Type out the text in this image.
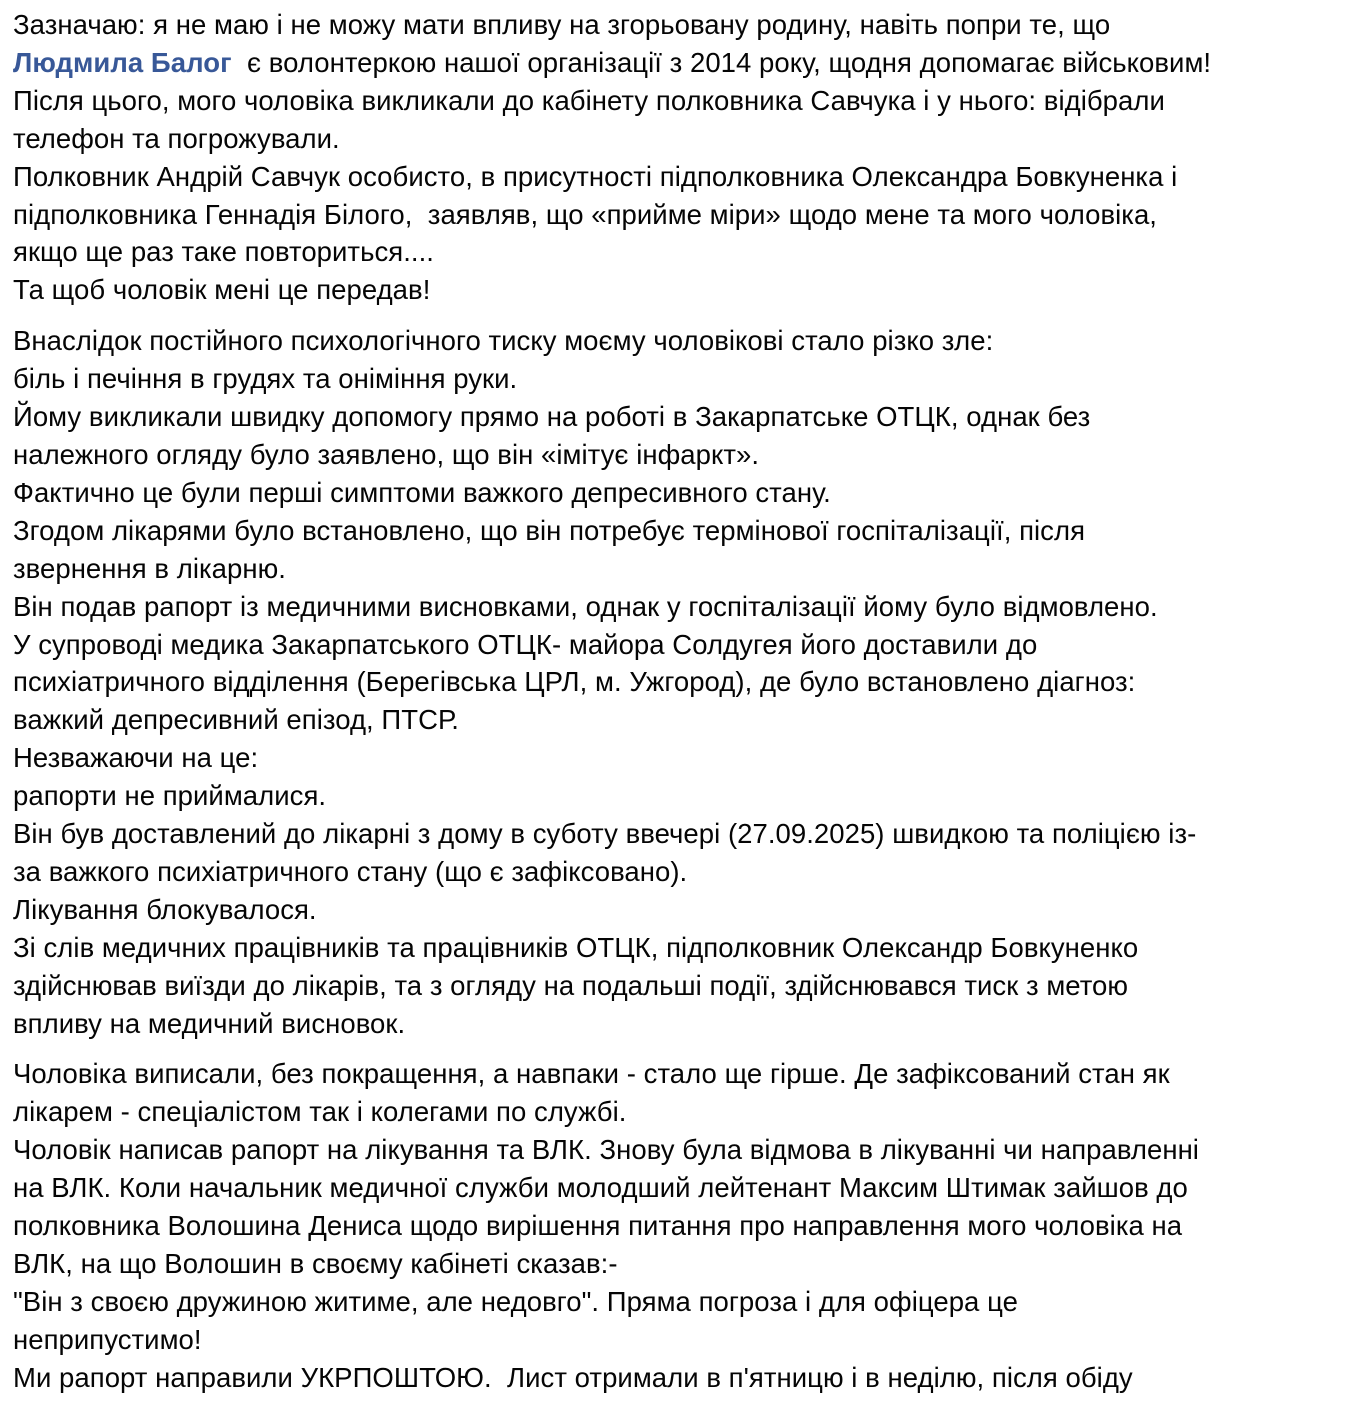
Зазначаю: я не маю і не можу мати впливу на згорьовану родину, навіть попри те, що
Людмила Балог є волонтеркою нашої організації з 2014 року, щодня допомагає військовим!
Після цього, мого чоловіка викликали до кабінету полковника Савчука і у нього: відібрали
телефон та погрожували.
Полковник Андрій Савчук особисто, в присутності підполковника Олександра Бовкуненка і
підполковника Геннадія Білого,  заявляв, що «прийме міри» щодо мене та мого чоловіка,
якщо ще раз таке повториться....
Та щоб чоловік мені це передав!

Внаслідок постійного психологічного тиску моєму чоловікові стало різко зле:
біль і печіння в грудях та оніміння руки.
Йому викликали швидку допомогу прямо на роботі в Закарпатське ОТЦК, однак без
належного огляду було заявлено, що він «імітує інфаркт».
Фактично це були перші симптоми важкого депресивного стану.
Згодом лікарями було встановлено, що він потребує термінової госпіталізації, після
звернення в лікарню.
Він подав рапорт із медичними висновками, однак у госпіталізації йому було відмовлено.
У супроводі медика Закарпатського ОТЦК- майора Солдугея його доставили до
психіатричного відділення (Берегівська ЦРЛ, м. Ужгород), де було встановлено діагноз:
важкий депресивний епізод, ПТСР.
Незважаючи на це:
рапорти не приймалися.
Він був доставлений до лікарні з дому в суботу ввечері (27.09.2025) швидкою та поліцією із-
за важкого психіатричного стану (що є зафіксовано).
Лікування блокувалося.
Зі слів медичних працівників та працівників ОТЦК, підполковник Олександр Бовкуненко
здійснював виїзди до лікарів, та з огляду на подальші події, здійснювався тиск з метою
впливу на медичний висновок.

Чоловіка виписали, без покращення, а навпаки - стало ще гірше. Де зафіксований стан як
лікарем - спеціалістом так і колегами по службі.
Чоловік написав рапорт на лікування та ВЛК. Знову була відмова в лікуванні чи направленні
на ВЛК. Коли начальник медичної служби молодший лейтенант Максим Штимак зайшов до
полковника Волошина Дениса щодо вирішення питання про направлення мого чоловіка на
ВЛК, на що Волошин в своєму кабінеті сказав:-
"Він з своєю дружиною житиме, але недовго". Пряма погроза і для офіцера це
неприпустимо!
Ми рапорт направили УКРПОШТОЮ.  Лист отримали в п'ятницю і в неділю, після обіду
